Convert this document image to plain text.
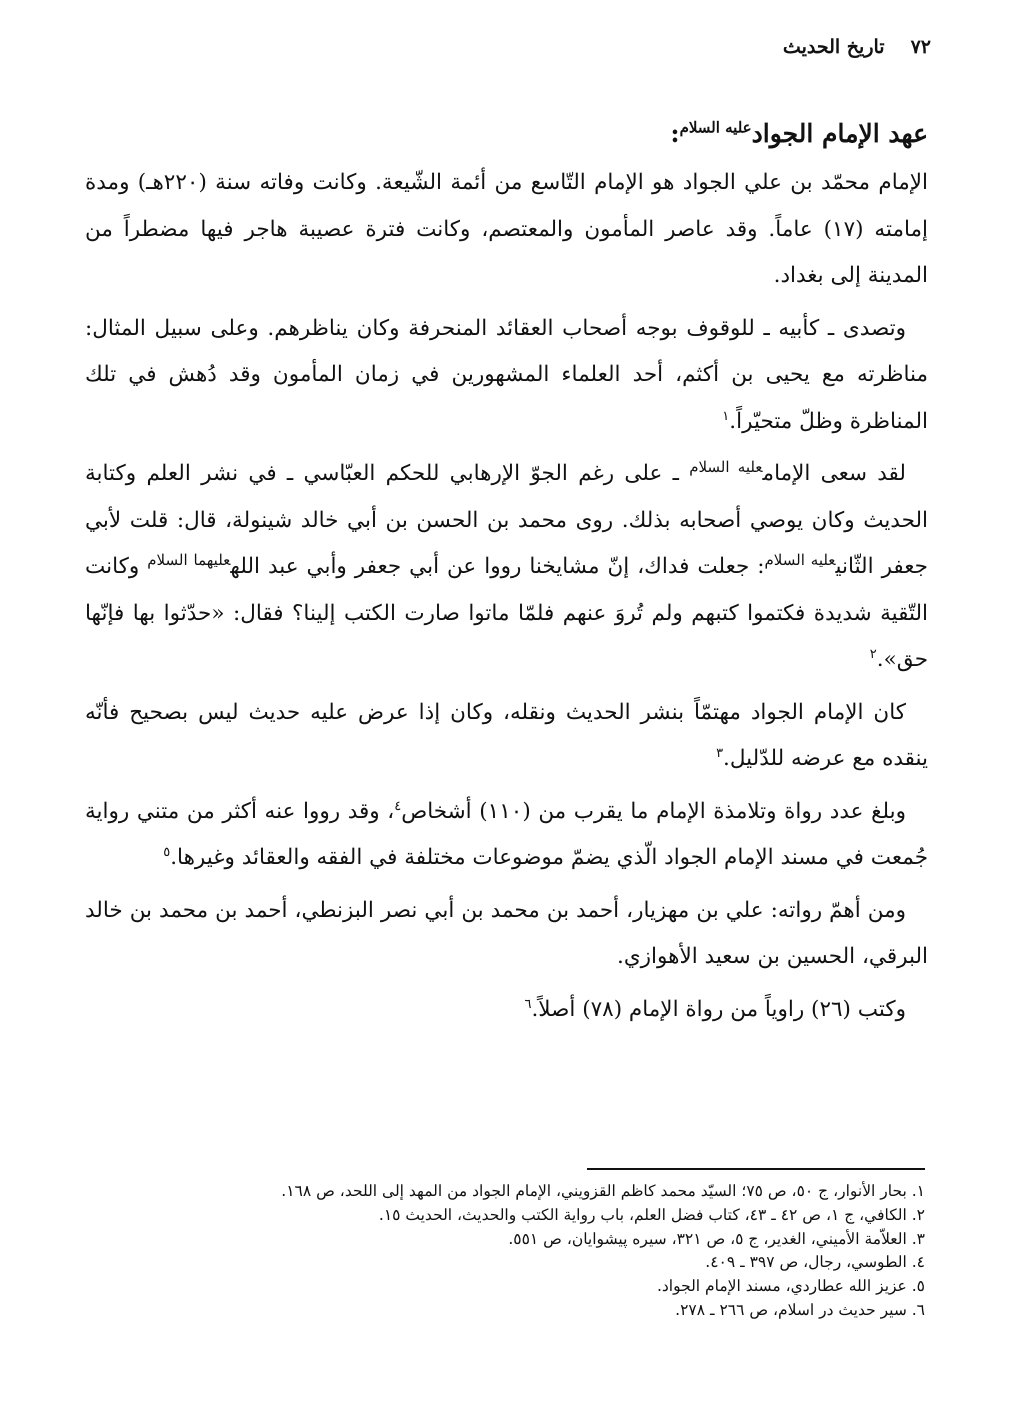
٧٢
تاريخ الحديث
عهد الإمام الجواد$^{عليه السلام}$:

الإمام محمّد بن علي الجواد هو الإمام التّاسع من أئمة الشّيعة. وكانت وفاته سنة (٢٢٠هـ) ومدة إمامته (١٧) عاماً. وقد عاصر المأمون والمعتصم، وكانت فترة عصيبة هاجر فيها مضطراً من المدينة إلى بغداد.

وتصدى ـ كأبيه ـ للوقوف بوجه أصحاب العقائد المنحرفة وكان يناظرهم. وعلى سبيل المثال: مناظرته مع يحيى بن أكثم، أحد العلماء المشهورين في زمان المأمون وقد دُهش في تلك المناظرة وظلّ متحيّراً.$^١$

لقد سعى الإمام$^{عليه السلام}$ ـ على رغم الجوّ الإرهابي للحكم العبّاسي ـ في نشر العلم وكتابة الحديث وكان يوصي أصحابه بذلك. روى محمد بن الحسن بن أبي خالد شينولة، قال: قلت لأبي جعفر الثّاني$^{عليه السلام}$: جعلت فداك، إنّ مشايخنا رووا عن أبي جعفر وأبي عبد الله$^{عليهما السلام}$ وكانت التّقية شديدة فكتموا كتبهم ولم تُروَ عنهم فلمّا ماتوا صارت الكتب إلينا؟ فقال: «حدّثوا بها فإنّها حق».$^٢$

كان الإمام الجواد مهتمّاً بنشر الحديث ونقله، وكان إذا عرض عليه حديث ليس بصحيح فأنّه ينقده مع عرضه للدّليل.$^٣$

وبلغ عدد رواة وتلامذة الإمام ما يقرب من (١١٠) أشخاص$^٤$، وقد رووا عنه أكثر من متني رواية جُمعت في مسند الإمام الجواد الّذي يضمّ موضوعات مختلفة في الفقه والعقائد وغيرها.$^٥$

ومن أهمّ رواته: علي بن مهزيار، أحمد بن محمد بن أبي نصر البزنطي، أحمد بن محمد بن خالد البرقي، الحسين بن سعيد الأهوازي.

وكتب (٢٦) راوياً من رواة الإمام (٧٨) أصلاً.$^٦$

١. بحار الأنوار، ج ٥٠، ص ٧٥؛ السيّد محمد كاظم القزويني، الإمام الجواد من المهد إلى اللحد، ص ١٦٨.

٢. الكافي، ج ١، ص ٤٢ ـ ٤٣، كتاب فضل العلم، باب رواية الكتب والحديث، الحديث ١٥.

٣. العلاّمة الأميني، الغدير، ج ٥، ص ٣٢١، سيره پيشوايان، ص ٥٥١.

٤. الطوسي، رجال، ص ٣٩٧ ـ ٤٠٩.

٥. عزيز الله عطاردي، مسند الإمام الجواد.

٦. سير حديث در اسلام، ص ٢٦٦ ـ ٢٧٨.
